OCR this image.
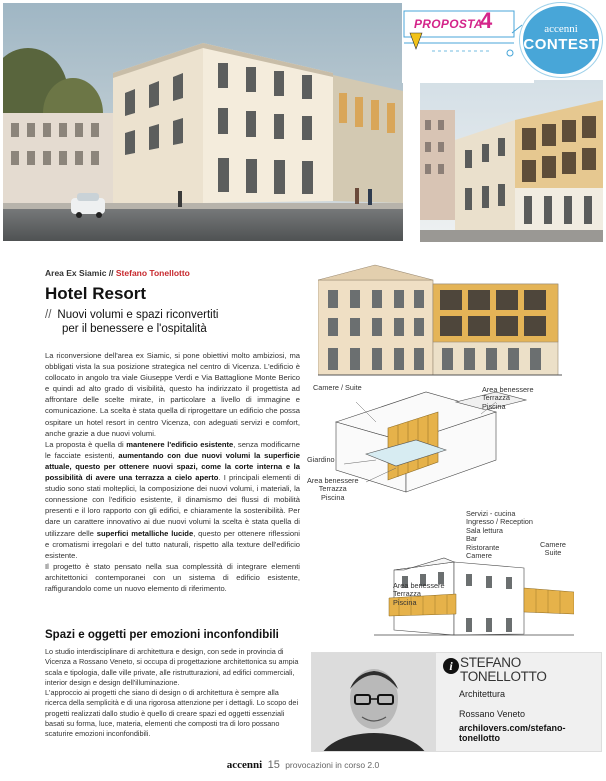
PROPOSTA
4	accenni
CONTEST
Area Ex Siamic // Stefano Tonellotto
Hotel Resort
// Nuovi volumi e spazi riconvertiti
per il benessere e l'ospitalità

La riconversione dell'area ex Siamic, si pone obiettivi molto ambiziosi, ma obbligati vista la sua posizione strategica nel centro di Vicenza. L'edificio è collocato in angolo tra viale Giuseppe Verdi e Via Battaglione Monte Berico e quindi ad alto grado di visibilità, questo ha indirizzato il progettista ad affrontare delle scelte mirate, in particolare a livello di immagine e comunicazione. La scelta è stata quella di riprogettare un edificio che possa ospitare un hotel resort in centro Vicenza, con adeguati servizi e comfort, anche grazie a due nuovi volumi.

La proposta è quella di mantenere l'edificio esistente, senza modificarne le facciate esistenti, aumentando con due nuovi volumi la superficie attuale, questo per ottenere nuovi spazi, come la corte interna e la possibilità di avere una terrazza a cielo aperto. I principali elementi di studio sono stati molteplici, la composizione dei nuovi volumi, i materiali, la connessione con l'edificio esistente, il dinamismo dei flussi di mobilità presenti e il loro rapporto con gli edifici, e chiaramente la sostenibilità. Per dare un carattere innovativo ai due nuovi volumi la scelta è stata quella di utilizzare delle superfici metalliche lucide, questo per ottenere riflessioni e cromatismi irregolari e del tutto naturali, rispetto alla texture dell'edificio esistente.

Il progetto è stato pensato nella sua complessità di integrare elementi architettonici contemporanei con un sistema di edificio esistente, raffigurandolo come un nuovo elemento di riferimento.

Spazi e oggetti per emozioni inconfondibili

Lo studio interdisciplinare di architettura e design, con sede in provincia di Vicenza a Rossano Veneto, si occupa di progettazione architettonica su ampia scala e tipologia, dalle ville private, alle ristrutturazioni, ad edifici commerciali, interior design e design dell'illuminazione.

L'approccio ai progetti che siano di design o di architettura è sempre alla ricerca della semplicità e di una rigorosa attenzione per i dettagli. Lo scopo dei progetti realizzati dallo studio è quello di creare spazi ed oggetti essenziali basati su forma, luce, materia, elementi che composti tra di loro possano scaturire emozioni inconfondibili.

Camere / Suite	Area benessere
Terrazza
Piscina
Giardino
Area benessere
Terrazza
Piscina
Servizi - cucina
Ingresso / Reception
Sala lettura
Bar
Ristorante
Camere
Camere
Suite
Area benessere
Terrazza
Piscina
i STEFANO
TONELLOTTO
Architettura
Rossano Veneto
archilovers.com/stefano-tonellotto
accenni 15 provocazioni in corso 2.0
